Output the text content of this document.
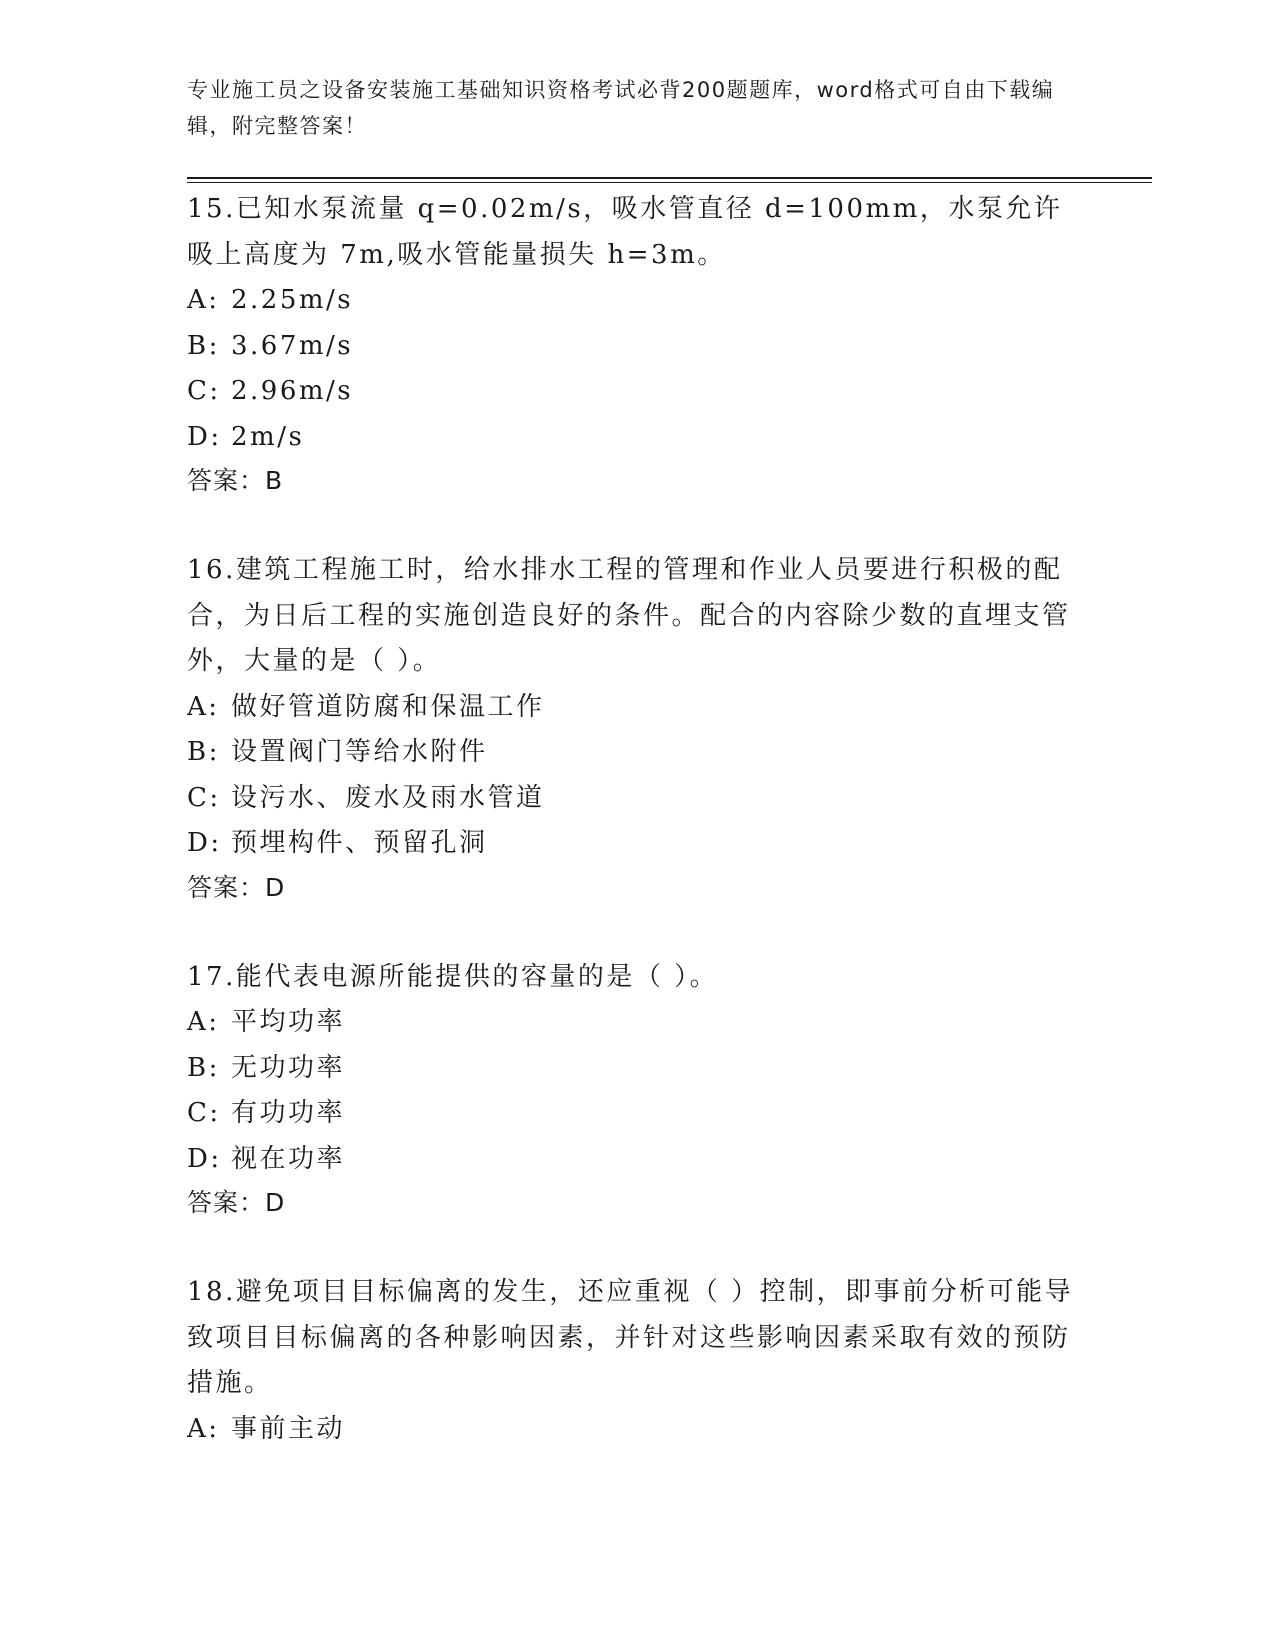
专业施工员之设备安装施工基础知识资格考试必背200题题库，word格式可自由下载编辑，附完整答案！

15.已知水泵流量 q=0.02m/s，吸水管直径 d=100mm，水泵允许吸上高度为 7m,吸水管能量损失 h=3m。

A: 2.25m/s

B: 3.67m/s

C: 2.96m/s

D: 2m/s

答案：B

16.建筑工程施工时，给水排水工程的管理和作业人员要进行积极的配合，为日后工程的实施创造良好的条件。配合的内容除少数的直埋支管外，大量的是（ ）。

A: 做好管道防腐和保温工作

B: 设置阀门等给水附件

C: 设污水、废水及雨水管道

D: 预埋构件、预留孔洞

答案：D

17.能代表电源所能提供的容量的是（ ）。

A: 平均功率

B: 无功功率

C: 有功功率

D: 视在功率

答案：D

18.避免项目目标偏离的发生，还应重视（ ）控制，即事前分析可能导致项目目标偏离的各种影响因素，并针对这些影响因素采取有效的预防措施。

A: 事前主动
